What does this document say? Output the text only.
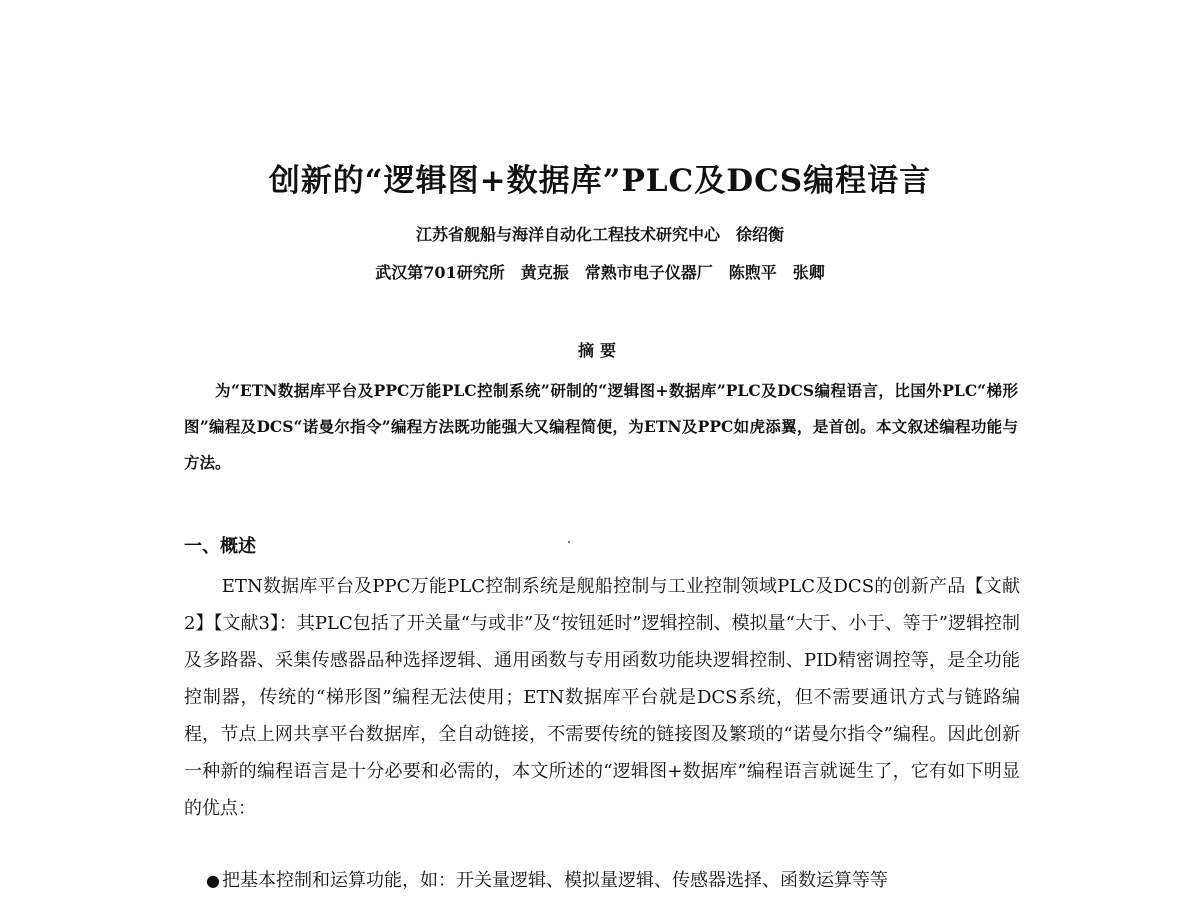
创新的“逻辑图+数据库”PLC及DCS编程语言
江苏省舰船与海洋自动化工程技术研究中心　徐绍衡
武汉第701研究所　黄克振　常熟市电子仪器厂　陈煦平　张卿
摘要

为“ETN数据库平台及PPC万能PLC控制系统”研制的“逻辑图+数据库”PLC及DCS编程语言，比国外PLC“梯形图”编程及DCS“诺曼尔指令”编程方法既功能强大又编程简便，为ETN及PPC如虎添翼，是首创。本文叙述编程功能与方法。

一、概述

ETN数据库平台及PPC万能PLC控制系统是舰船控制与工业控制领域PLC及DCS的创新产品【文献2】【文献3】：其PLC包括了开关量“与或非”及“按钮延时”逻辑控制、模拟量“大于、小于、等于”逻辑控制及多路器、采集传感器品种选择逻辑、通用函数与专用函数功能块逻辑控制、PID精密调控等，是全功能控制器，传统的“梯形图”编程无法使用；ETN数据库平台就是DCS系统，但不需要通讯方式与链路编程，节点上网共享平台数据库，全自动链接，不需要传统的链接图及繁琐的“诺曼尔指令”编程。因此创新一种新的编程语言是十分必要和必需的，本文所述的“逻辑图+数据库”编程语言就诞生了，它有如下明显的优点：

● 把基本控制和运算功能，如：开关量逻辑、模拟量逻辑、传感器选择、函数运算等等
